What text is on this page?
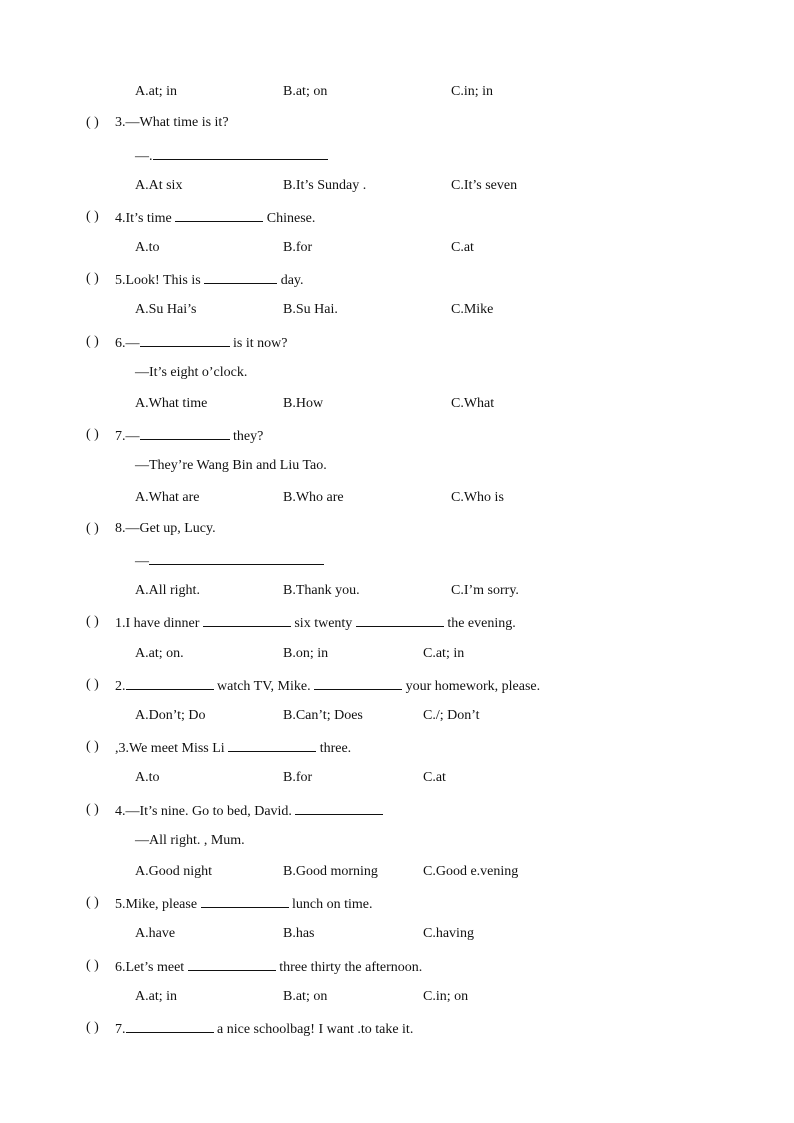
A.at; in	B.at; on	C.in; in
( ) 3.—What time is it?
—.
A.At six	B.It’s Sunday .	C.It’s seven
( ) 4.It’s time	Chinese.
A.to	B.for	C.at
( ) 5.Look! This is	day.
A.Su Hai’s	B.Su Hai.	C.Mike
( ) 6.—	is it now?
—It’s eight o’clock.
A.What time	B.How	C.What
( ) 7.—	they?
—They’re Wang Bin and Liu Tao.
A.What are	B.Who are	C.Who is
( ) 8.—Get up, Lucy.
—
A.All right.	B.Thank you.	C.I’m sorry.
( ) 1.I have dinner	six twenty	the evening.
A.at; on.	B.on; in	C.at; in
( ) 2.	watch TV, Mike.	your homework, please.
A.Don’t; Do	B.Can’t; Does	C./; Don’t
( ) ,3.We meet Miss Li	three.
A.to	B.for	C.at
( ) 4.—It’s nine. Go to bed, David.
—All right. , Mum.
A.Good night	B.Good morning	C.Good e.vening
( ) 5.Mike, please	lunch on time.
A.have	B.has	C.having
( ) 6.Let’s meet	three thirty the afternoon.
A.at; in	B.at; on	C.in; on
( ) 7.	a nice schoolbag! I want .to take it.
